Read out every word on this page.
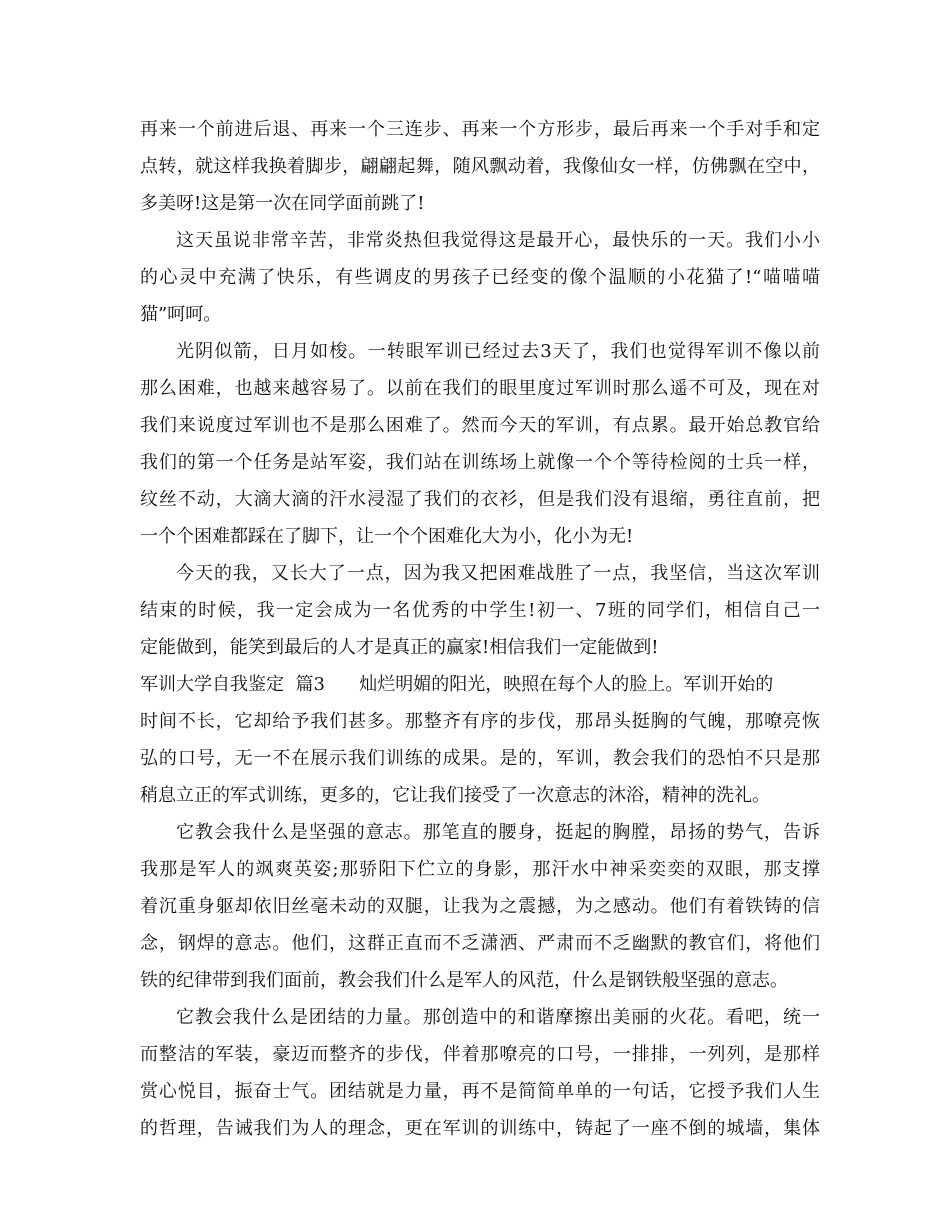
再来一个前进后退、再来一个三连步、再来一个方形步，最后再来一个手对手和定
点转，就这样我换着脚步，翩翩起舞，随风飘动着，我像仙女一样，仿佛飘在空中，
多美呀!这是第一次在同学面前跳了!
这天虽说非常辛苦，非常炎热但我觉得这是最开心，最快乐的一天。我们小小
的心灵中充满了快乐，有些调皮的男孩子已经变的像个温顺的小花猫了!“喵喵喵
猫”呵呵。
光阴似箭，日月如梭。一转眼军训已经过去3天了，我们也觉得军训不像以前
那么困难，也越来越容易了。以前在我们的眼里度过军训时那么遥不可及，现在对
我们来说度过军训也不是那么困难了。然而今天的军训，有点累。最开始总教官给
我们的第一个任务是站军姿，我们站在训练场上就像一个个等待检阅的士兵一样，
纹丝不动，大滴大滴的汗水浸湿了我们的衣衫，但是我们没有退缩，勇往直前，把
一个个困难都踩在了脚下，让一个个困难化大为小，化小为无!
今天的我，又长大了一点，因为我又把困难战胜了一点，我坚信，当这次军训
结束的时候，我一定会成为一名优秀的中学生!初一、7班的同学们，相信自己一
定能做到，能笑到最后的人才是真正的赢家!相信我们一定能做到!
军训大学自我鉴定  篇3      灿烂明媚的阳光，映照在每个人的脸上。军训开始的
时间不长，它却给予我们甚多。那整齐有序的步伐，那昂头挺胸的气魄，那嘹亮恢
弘的口号，无一不在展示我们训练的成果。是的，军训，教会我们的恐怕不只是那
稍息立正的军式训练，更多的，它让我们接受了一次意志的沐浴，精神的洗礼。
它教会我什么是坚强的意志。那笔直的腰身，挺起的胸膛，昂扬的势气，告诉
我那是军人的飒爽英姿;那骄阳下伫立的身影，那汗水中神采奕奕的双眼，那支撑
着沉重身躯却依旧丝毫未动的双腿，让我为之震撼，为之感动。他们有着铁铸的信
念，钢焊的意志。他们，这群正直而不乏潇洒、严肃而不乏幽默的教官们，将他们
铁的纪律带到我们面前，教会我们什么是军人的风范，什么是钢铁般坚强的意志。
它教会我什么是团结的力量。那创造中的和谐摩擦出美丽的火花。看吧，统一
而整洁的军装，豪迈而整齐的步伐，伴着那嘹亮的口号，一排排，一列列，是那样
赏心悦目，振奋士气。团结就是力量，再不是简简单单的一句话，它授予我们人生
的哲理，告诫我们为人的理念，更在军训的训练中，铸起了一座不倒的城墙，集体
